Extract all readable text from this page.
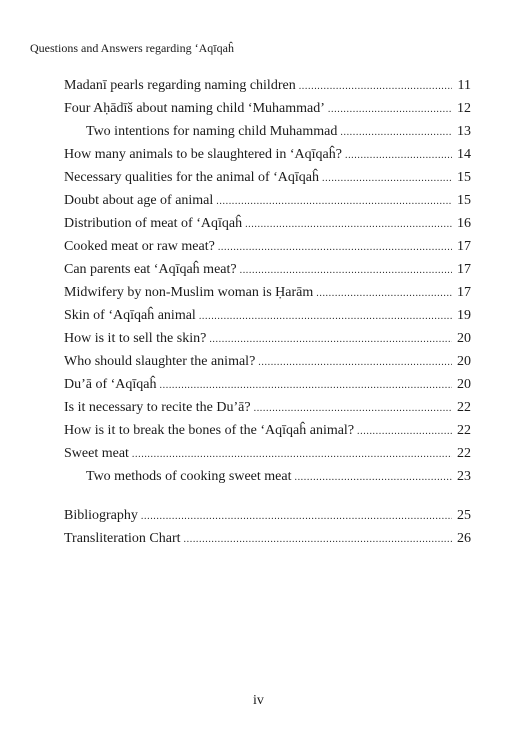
Questions and Answers regarding ‘Aqīqaĥ
Madanī pearls regarding naming children .....	11
Four Aḥādīš about naming child ‘Muhammad’ .....	12
Two intentions for naming child Muhammad .....	13
How many animals to be slaughtered in ‘Aqīqaĥ? .....	14
Necessary qualities for the animal of ‘Aqīqaĥ .....	15
Doubt about age of animal .....	15
Distribution of meat of ‘Aqīqaĥ .....	16
Cooked meat or raw meat? .....	17
Can parents eat ‘Aqīqaĥ meat? .....	17
Midwifery by non-Muslim woman is Ḥarām .....	17
Skin of ‘Aqīqaĥ animal .....	19
How is it to sell the skin? .....	20
Who should slaughter the animal? .....	20
Du’ā of ‘Aqīqaĥ .....	20
Is it necessary to recite the Du’ā? .....	22
How is it to break the bones of the ‘Aqīqaĥ animal? .....	22
Sweet meat .....	22
Two methods of cooking sweet meat .....	23
Bibliography .....	25
Transliteration Chart .....	26
iv
